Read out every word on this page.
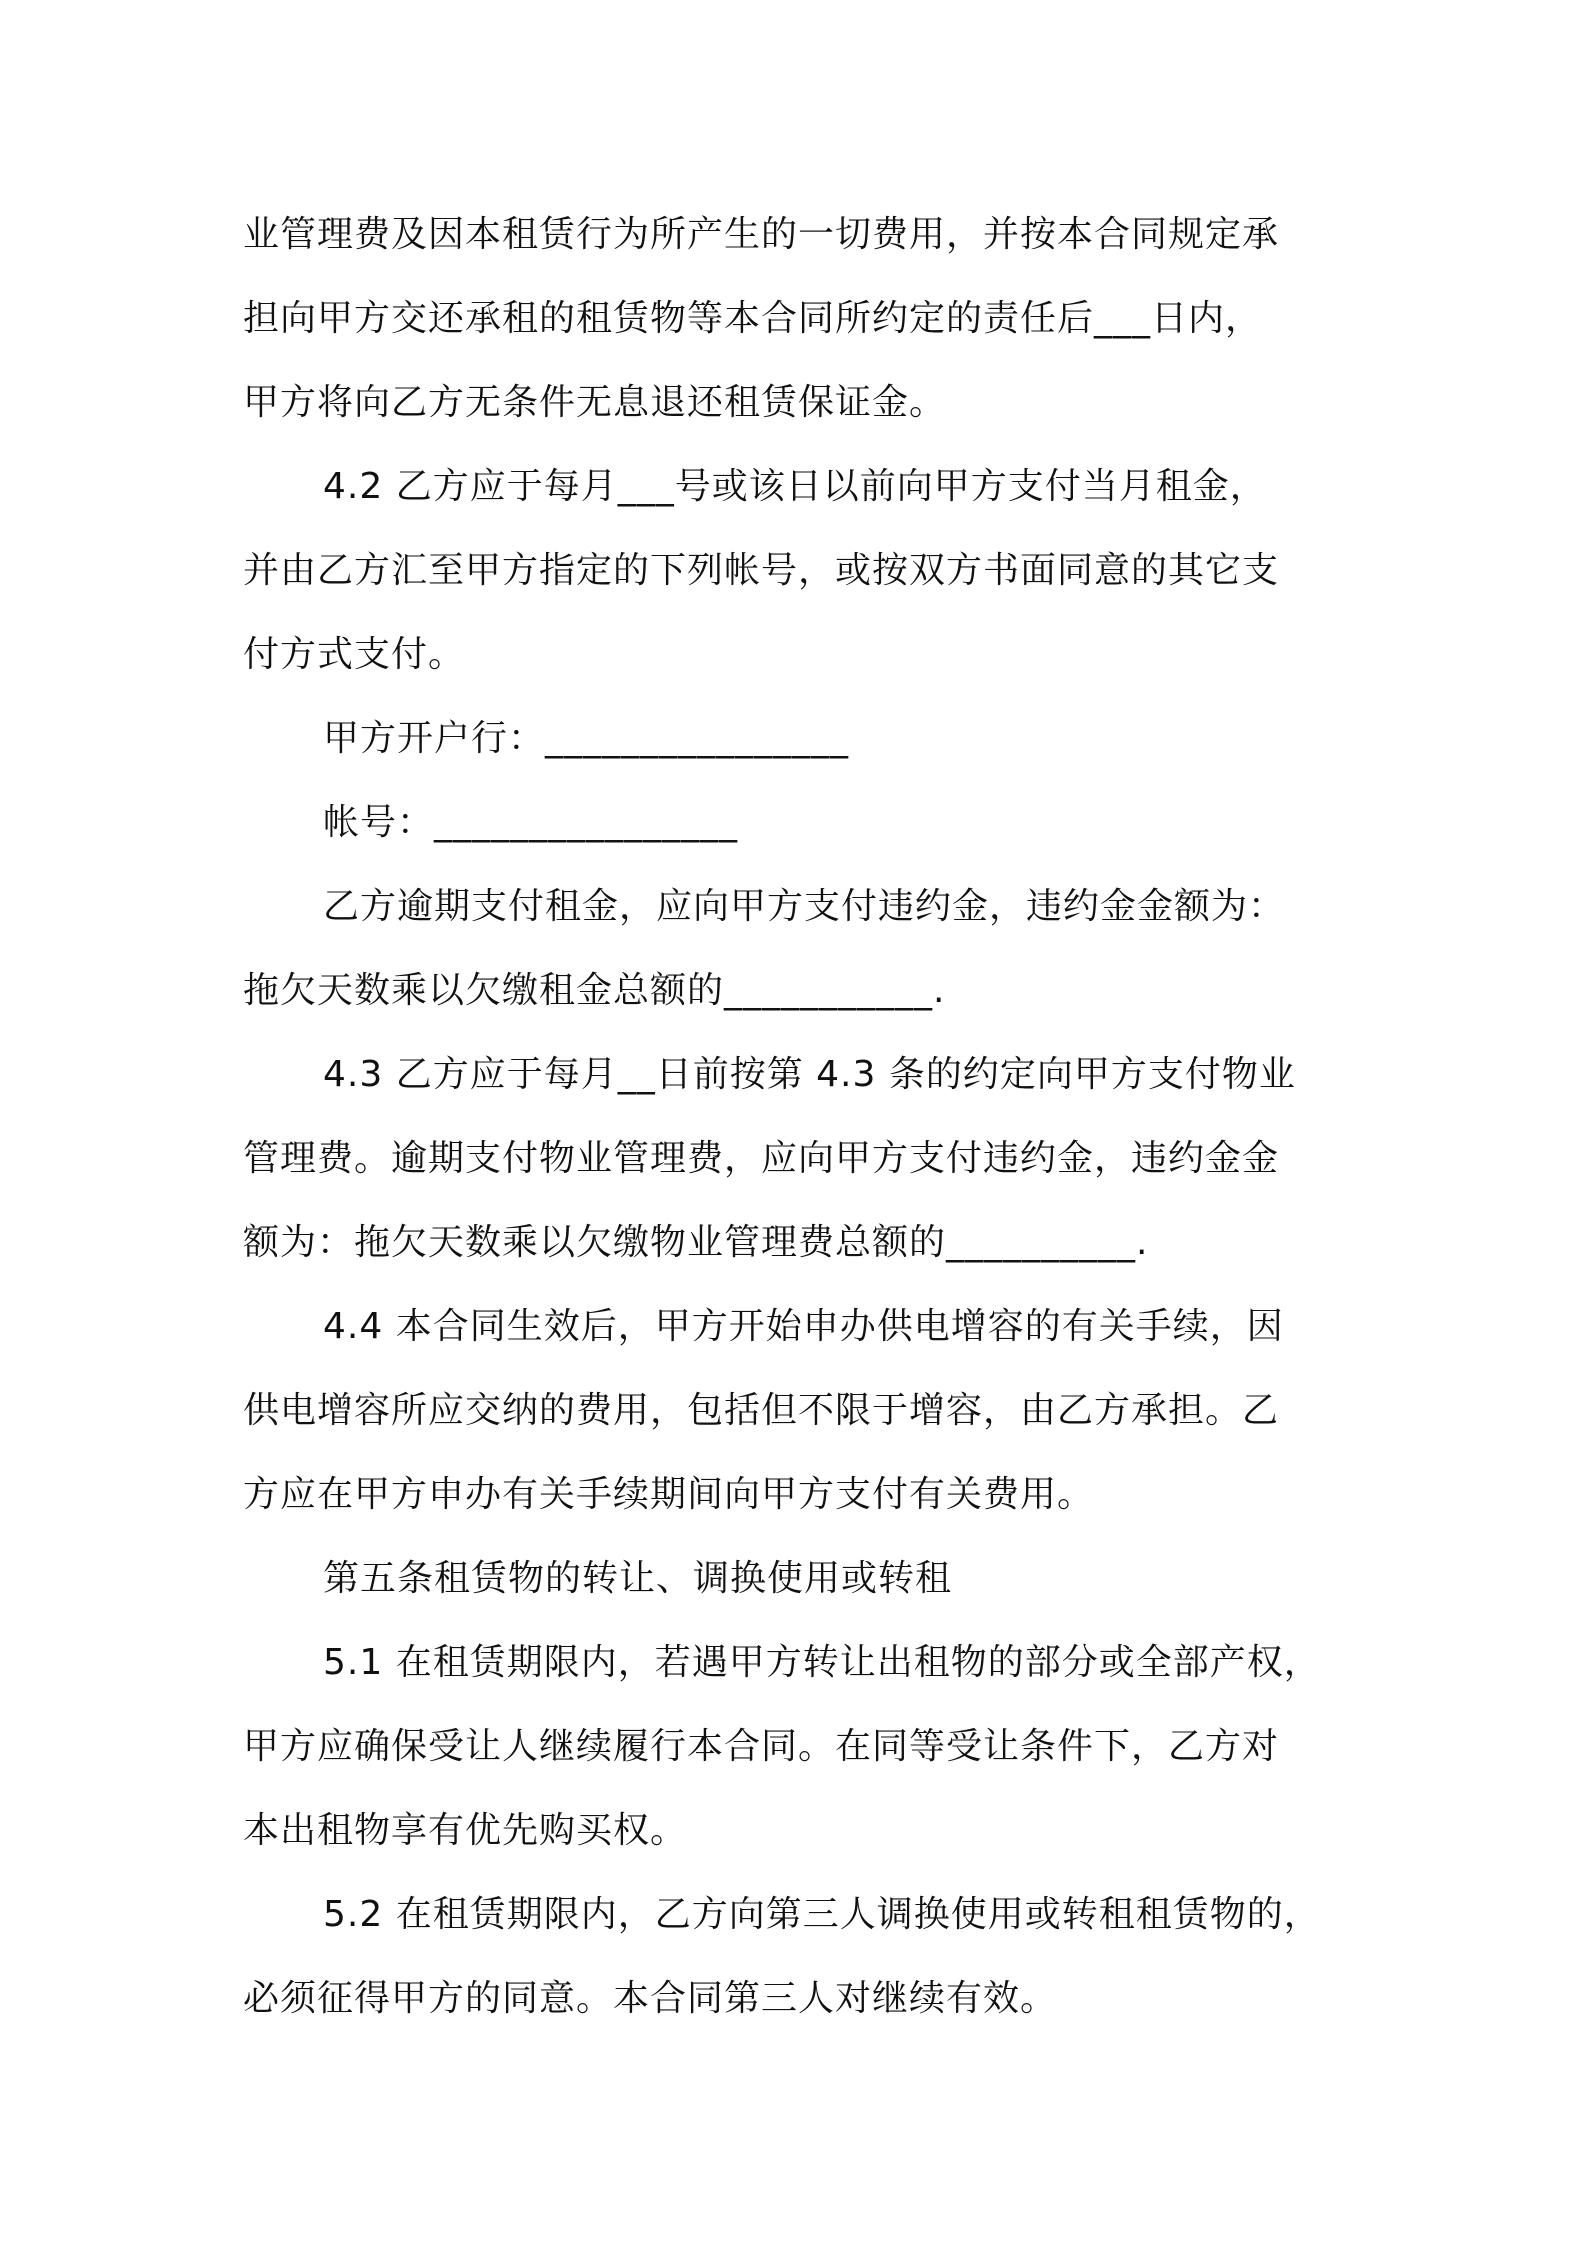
业管理费及因本租赁行为所产生的一切费用，并按本合同规定承
担向甲方交还承租的租赁物等本合同所约定的责任后___日内，
甲方将向乙方无条件无息退还租赁保证金。
4.2 乙方应于每月___号或该日以前向甲方支付当月租金，
并由乙方汇至甲方指定的下列帐号，或按双方书面同意的其它支
付方式支付。
甲方开户行：________________
帐号：________________
乙方逾期支付租金，应向甲方支付违约金，违约金金额为：
拖欠天数乘以欠缴租金总额的___________.
4.3 乙方应于每月__日前按第 4.3 条的约定向甲方支付物业
管理费。逾期支付物业管理费，应向甲方支付违约金，违约金金
额为：拖欠天数乘以欠缴物业管理费总额的__________.
4.4 本合同生效后，甲方开始申办供电增容的有关手续，因
供电增容所应交纳的费用，包括但不限于增容，由乙方承担。乙
方应在甲方申办有关手续期间向甲方支付有关费用。
第五条租赁物的转让、调换使用或转租
5.1 在租赁期限内，若遇甲方转让出租物的部分或全部产权，
甲方应确保受让人继续履行本合同。在同等受让条件下，乙方对
本出租物享有优先购买权。
5.2 在租赁期限内，乙方向第三人调换使用或转租租赁物的，
必须征得甲方的同意。本合同第三人对继续有效。
